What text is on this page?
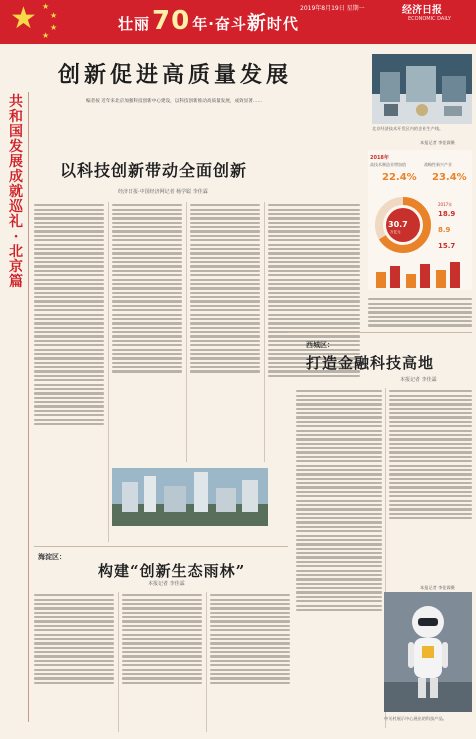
★ ★
★
★
★
壮丽70 年·奋斗新时代
2019年8月19日 星期一	经济日报
ECONOMIC DAILY
共和国发展成就巡礼·北京篇
创新促进高质量发展
编者按 近年来北京加强科技创新中心建设，以科技创新推动高质量发展，成效显著……
北京经济技术开发区内的企业生产线。
本报记者 李佳霖摄
以科技创新带动全面创新
经济日报·中国经济网记者 杨学聪 李佳霖
2018年
高技术制造业增加值	战略性新兴产业
22.4% 23.4%
30.7
万亿元
18.9
2017年
8.9
15.7
西城区：
打造金融科技高地
本报记者 李佳霖
本报记者 李佳霖摄
海淀区：
构建“创新生态雨林”
本报记者 李佳霖
中关村展示中心展出的科技产品。
